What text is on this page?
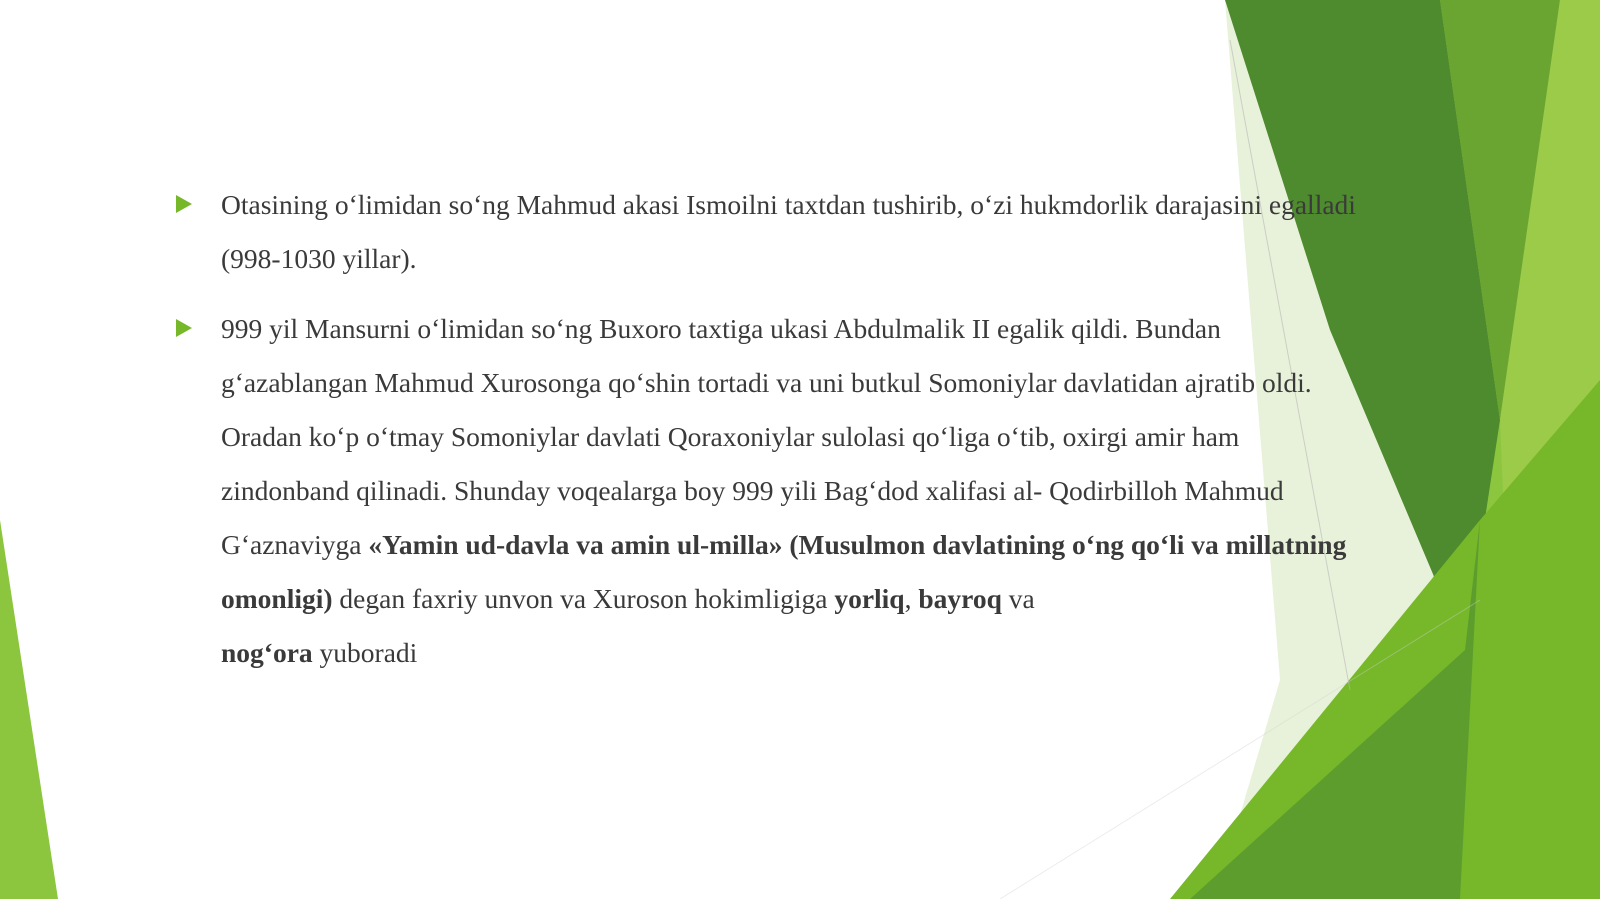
Otasining o‘limidan so‘ng Mahmud akasi Ismoilni taxtdan tushirib, o‘zi hukmdorlik darajasini egalladi (998-1030 yillar).
999 yil Mansurni o‘limidan so‘ng Buxoro taxtiga ukasi Abdulmalik II egalik qildi. Bundan g‘azablangan Mahmud Xurosonga qo‘shin tortadi va uni butkul Somoniylar davlatidan ajratib oldi. Oradan ko‘p o‘tmay Somoniylar davlati Qoraxoniylar sulolasi qo‘liga o‘tib, oxirgi amir ham zindonband qilinadi. Shunday voqealarga boy 999 yili Bag‘dod xalifasi al- Qodirbilloh Mahmud G‘aznaviyga «Yamin ud-davla va amin ul-milla» (Musulmon davlatining o‘ng qo‘li va millatning omonligi) degan faxriy unvon va Xuroson hokimligiga yorliq, bayroq va
nog‘ora yuboradi
